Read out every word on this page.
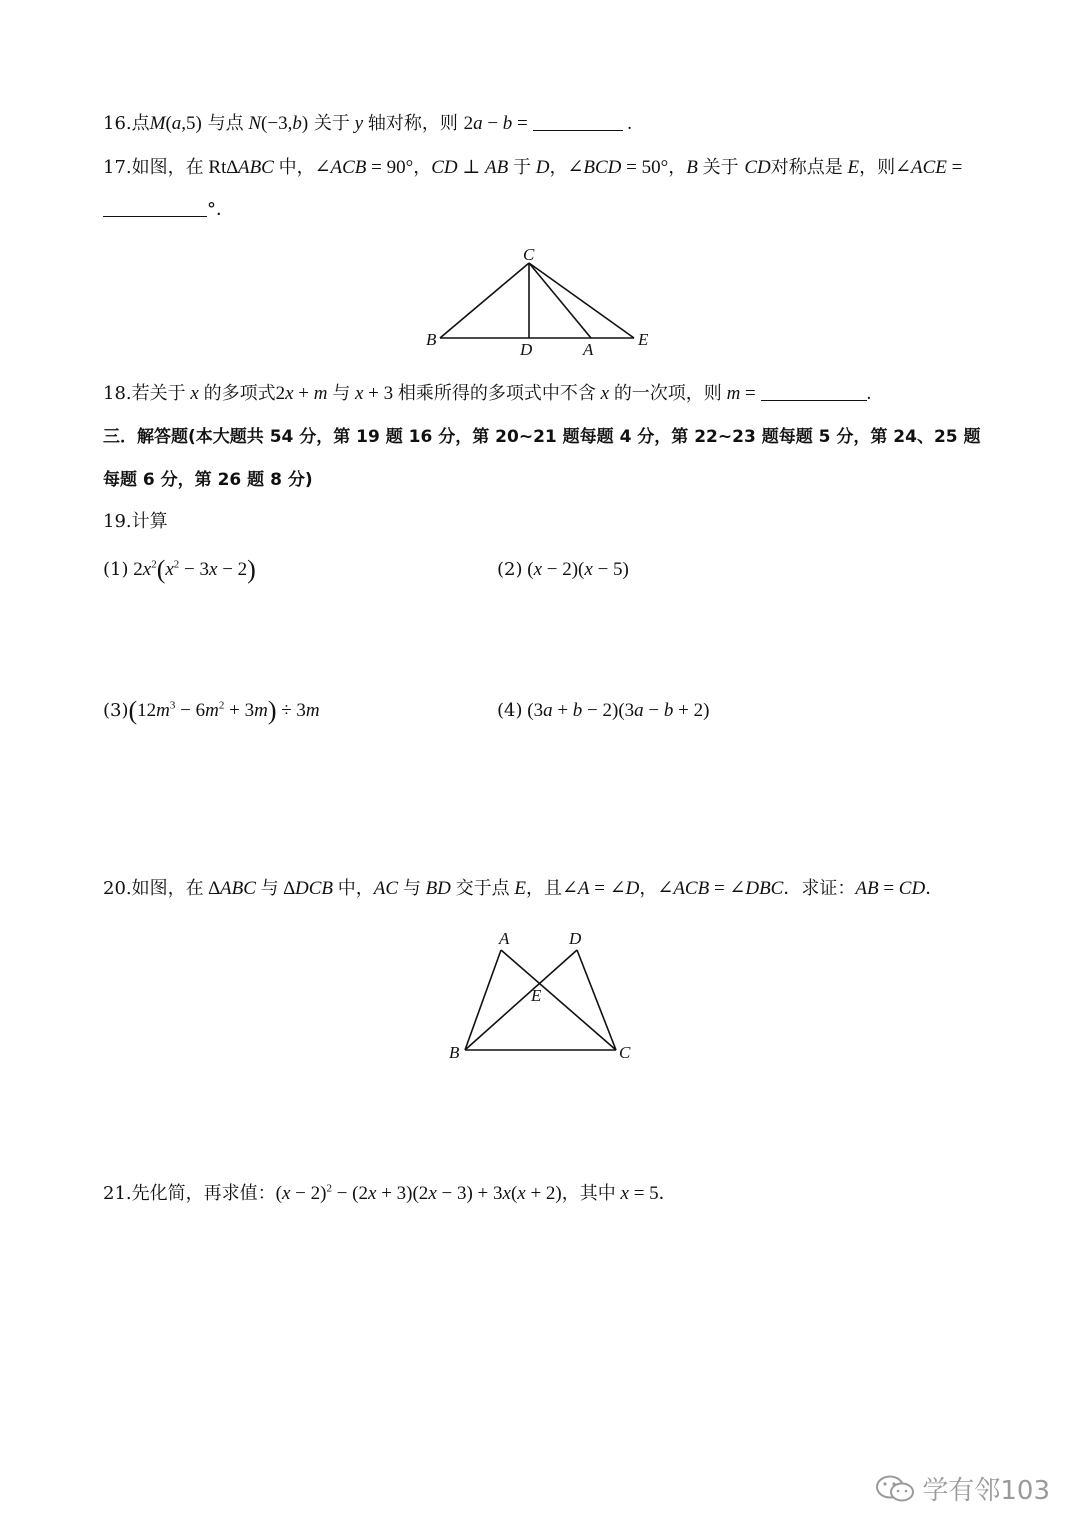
16.点M(a,5) 与点 N(−3,b) 关于 y 轴对称，则 2a − b =	.
17.如图，在 Rt∆ABC 中，∠ACB = 90°，CD ⊥ AB 于 D，∠BCD = 50°，B 关于 CD对称点是 E，则∠ACE =
°．
C
B
D	A
E
A	D
E
B	C
18.若关于 x 的多项式2x + m 与 x + 3 相乘所得的多项式中不含 x 的一次项，则 m =	.
三．解答题(本大题共 54 分，第 19 题 16 分，第 20~21 题每题 4 分，第 22~23 题每题 5 分，第 24、25 题
每题 6 分，第 26 题 8 分)
19.计算
(1) $2x^2(x^2 - 3x - 2)$	(2) (x − 2)(x − 5)
$(3)(12m^3 - 6m^2 + 3m) \div 3m$	(4) (3a + b − 2)(3a − b + 2)
20.如图，在 ∆ABC 与 ∆DCB 中，AC 与 BD 交于点 E，且∠A = ∠D，∠ACB = ∠DBC．求证：AB = CD．
21.先化简，再求值：$(x - 2)^2 - (2x + 3)(2x - 3) + 3x(x + 2)$，其中 x = 5．
学有邻103
